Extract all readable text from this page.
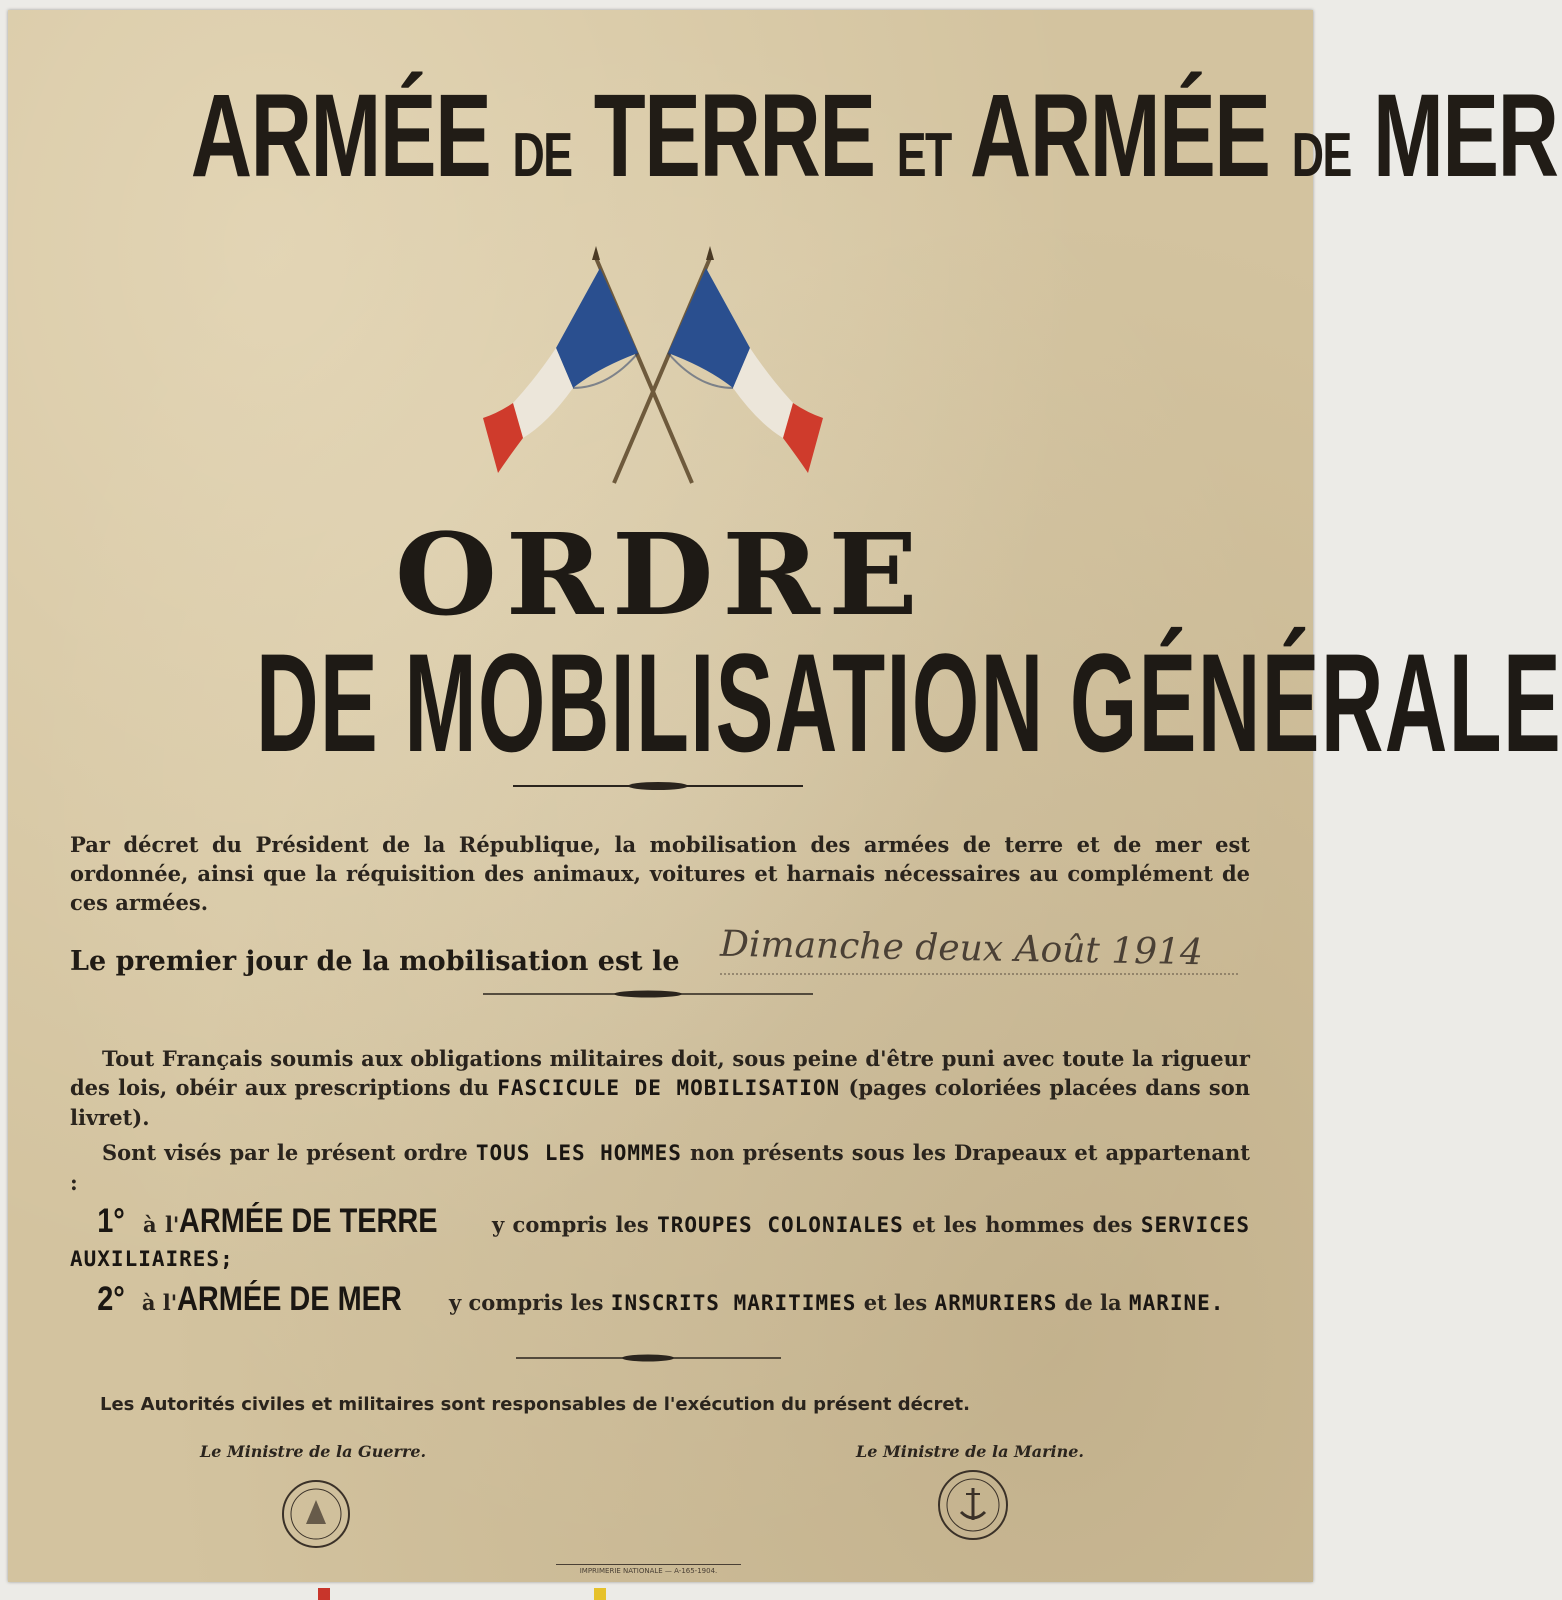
ARMÉE DE TERRE ET ARMÉE DE MER
ORDRE
DE MOBILISATION GÉNÉRALE
Par décret du Président de la République, la mobilisation des armées de terre et de mer est ordonnée, ainsi que la réquisition des animaux, voitures et harnais nécessaires au complément de ces armées.
Le premier jour de la mobilisation est le Dimanche deux Août 1914
Tout Français soumis aux obligations militaires doit, sous peine d'être puni avec toute la rigueur des lois, obéir aux prescriptions du FASCICULE DE MOBILISATION (pages coloriées placées dans son livret).
Sont visés par le présent ordre TOUS LES HOMMES non présents sous les Drapeaux et appartenant :
1° à l'ARMÉE DE TERRE	y compris les TROUPES COLONIALES et les hommes des SERVICES AUXILIAIRES;
2° à l'ARMÉE DE MER y compris les INSCRITS MARITIMES et les ARMURIERS de la MARINE.
Les Autorités civiles et militaires sont responsables de l'exécution du présent décret.
Le Ministre de la Guerre.	Le Ministre de la Marine.
IMPRIMERIE NATIONALE — A-165-1904.
